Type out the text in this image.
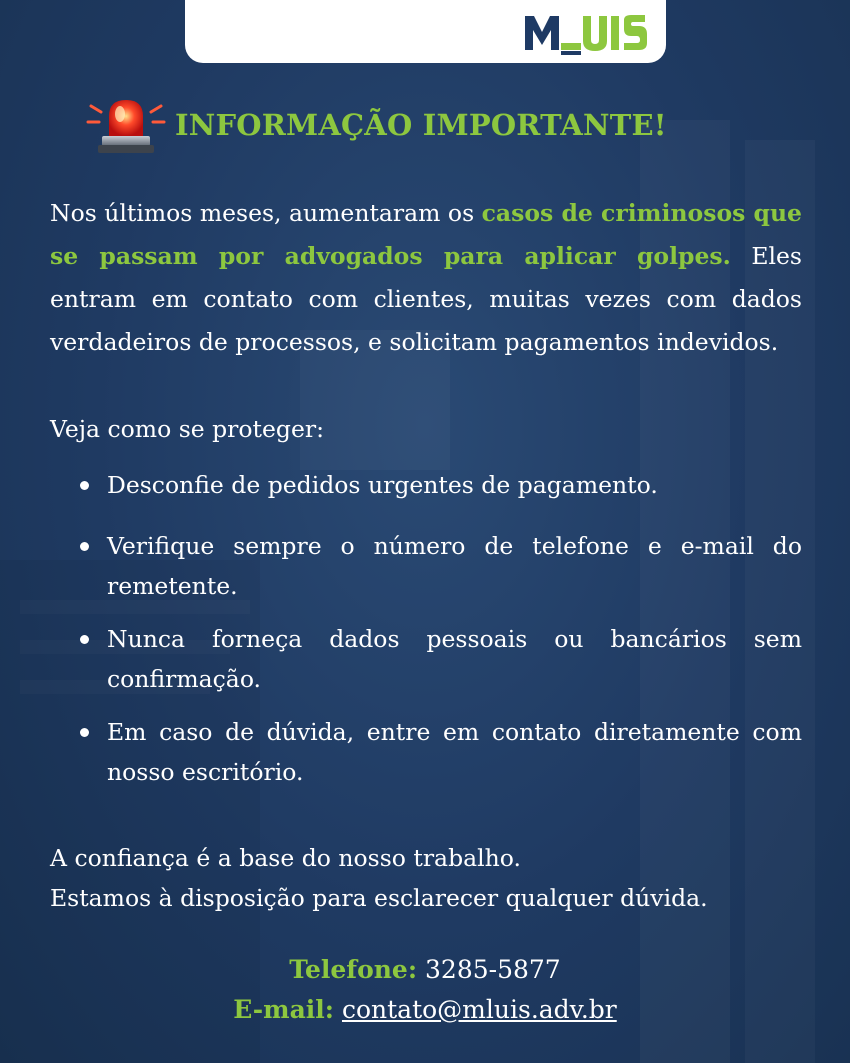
INFORMAÇÃO IMPORTANTE!

Nos últimos meses, aumentaram os casos de criminosos que se passam por advogados para aplicar golpes. Eles entram em contato com clientes, muitas vezes com dados verdadeiros de processos, e solicitam pagamentos indevidos.

Veja como se proteger:
Desconfie de pedidos urgentes de pagamento.
Verifique sempre o número de telefone e e-mail do remetente.
Nunca forneça dados pessoais ou bancários sem confirmação.
Em caso de dúvida, entre em contato diretamente com nosso escritório.
A confiança é a base do nosso trabalho.
Estamos à disposição para esclarecer qualquer dúvida.
Telefone: 3285-5877
E-mail: contato@mluis.adv.br
